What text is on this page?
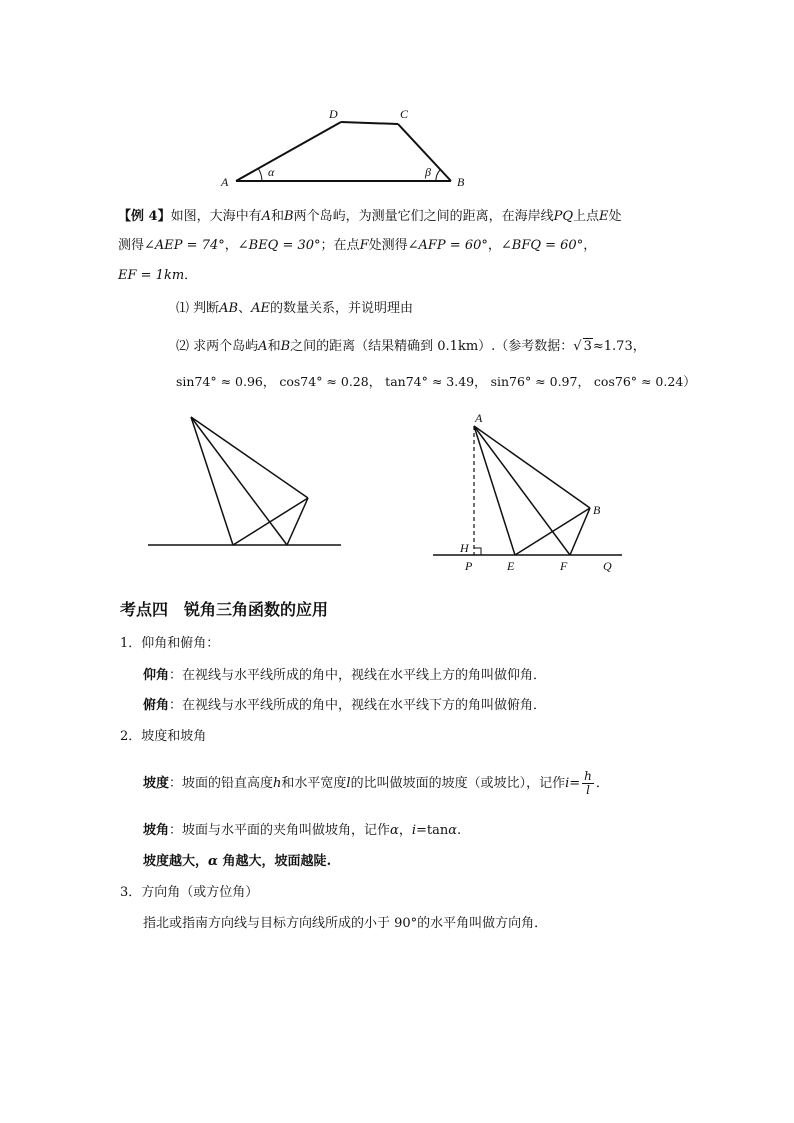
D	C
A	B
α	β
【例 4】如图，大海中有A和B两个岛屿，为测量它们之间的距离，在海岸线PQ上点E处
测得∠AEP = 74°，∠BEQ = 30°；在点F处测得∠AFP = 60°，∠BFQ = 60°，
EF = 1km．
⑴ 判断AB、AE的数量关系，并说明理由
⑵ 求两个岛屿A和B之间的距离（结果精确到 0.1km）.（参考数据：√ 3≈1.73，
sin74° ≈ 0.96， cos74° ≈ 0.28， tan74° ≈ 3.49， sin76° ≈ 0.97， cos76° ≈ 0.24）
A
B
H
P	E	F	Q
考点四　锐角三角函数的应用
1．仰角和俯角：
仰角：在视线与水平线所成的角中，视线在水平线上方的角叫做仰角．
俯角：在视线与水平线所成的角中，视线在水平线下方的角叫做俯角．
2．坡度和坡角
坡度：坡面的铅直高度h和水平宽度l的比叫做坡面的坡度（或坡比），记作$i= \frac{h}{l}$ ．
坡角：坡面与水平面的夹角叫做坡角，记作α，i=tanα.
坡度越大，α 角越大，坡面越陡.
3．方向角（或方位角）
指北或指南方向线与目标方向线所成的小于 90°的水平角叫做方向角．
